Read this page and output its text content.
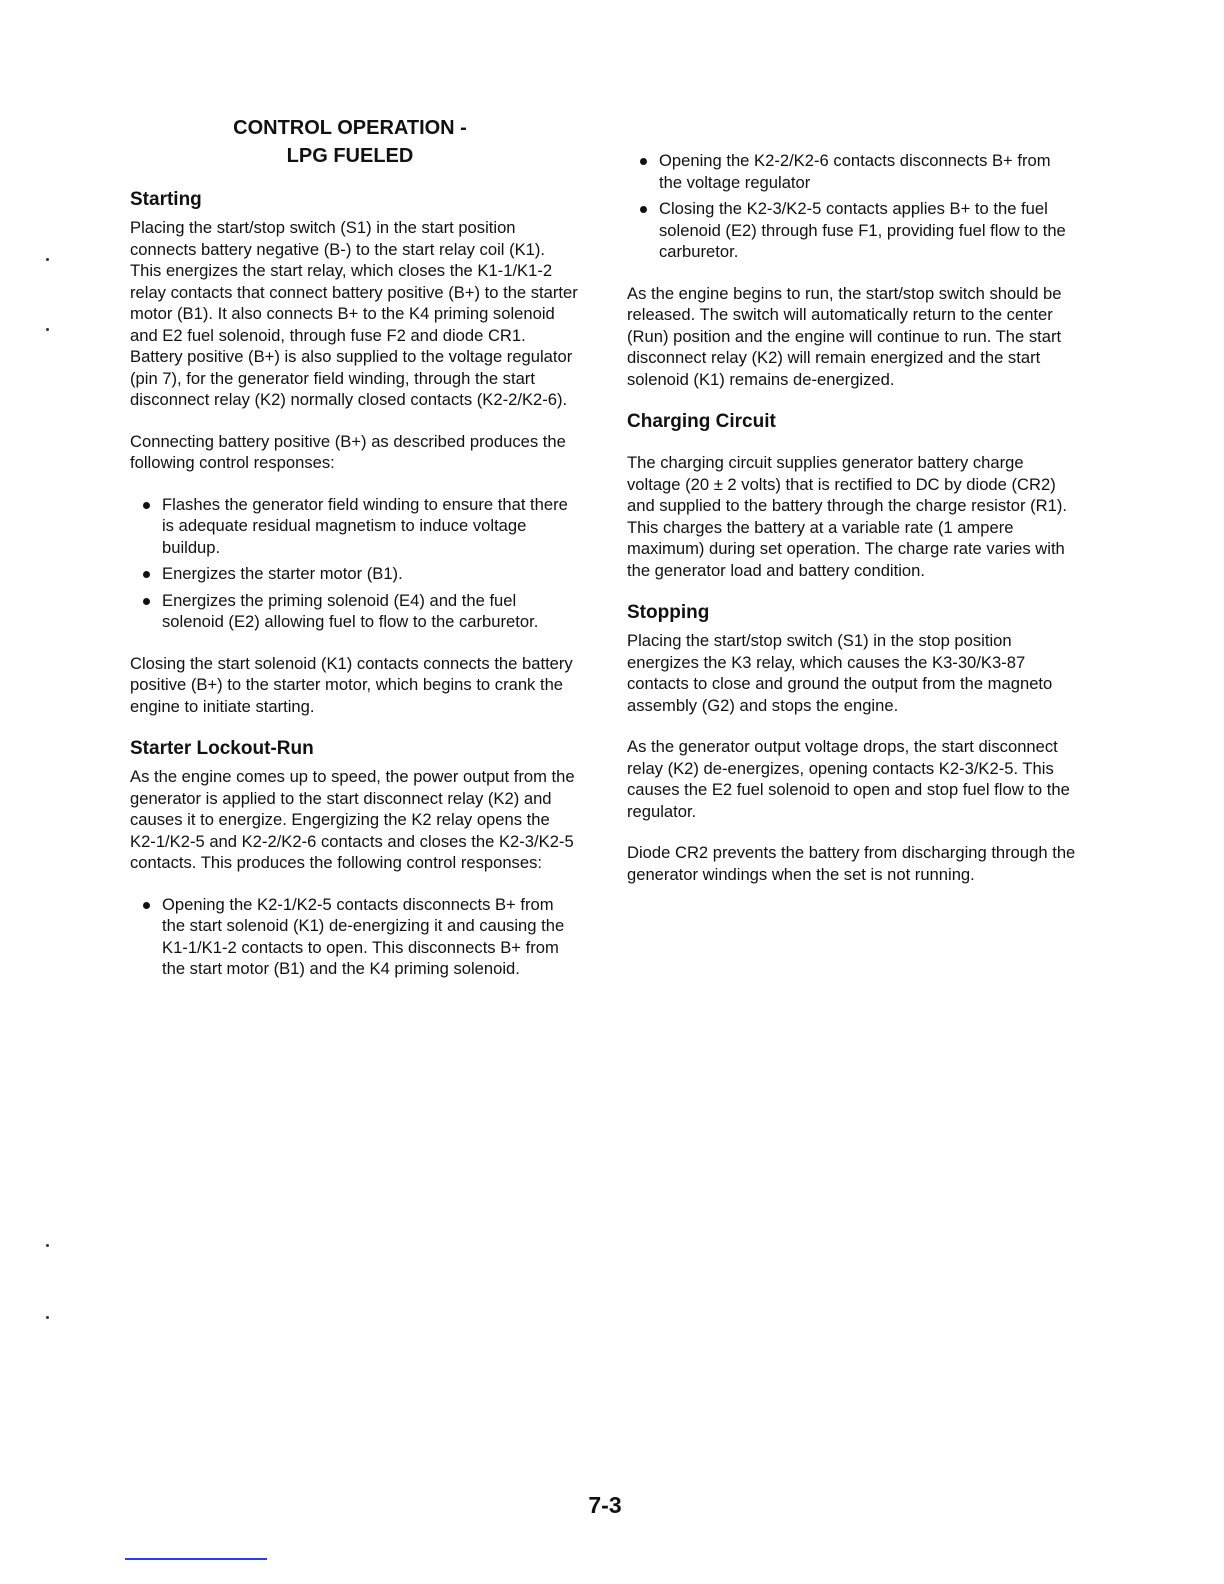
CONTROL OPERATION -
LPG FUELED
Starting

Placing the start/stop switch (S1) in the start position connects battery negative (B-) to the start relay coil (K1). This energizes the start relay, which closes the K1-1/K1-2 relay contacts that connect battery positive (B+) to the starter motor (B1). It also connects B+ to the K4 priming solenoid and E2 fuel solenoid, through fuse F2 and diode CR1. Battery positive (B+) is also supplied to the voltage regulator (pin 7), for the generator field winding, through the start disconnect relay (K2) normally closed contacts (K2-2/K2-6).

Connecting battery positive (B+) as described produces the following control responses:

Flashes the generator field winding to ensure that there is adequate residual magnetism to induce voltage buildup.
Energizes the starter motor (B1).
Energizes the priming solenoid (E4) and the fuel solenoid (E2) allowing fuel to flow to the carburetor.

Closing the start solenoid (K1) contacts connects the battery positive (B+) to the starter motor, which begins to crank the engine to initiate starting.

Starter Lockout-Run

As the engine comes up to speed, the power output from the generator is applied to the start disconnect relay (K2) and causes it to energize. Engergizing the K2 relay opens the K2-1/K2-5 and K2-2/K2-6 contacts and closes the K2-3/K2-5 contacts. This produces the following control responses:

Opening the K2-1/K2-5 contacts disconnects B+ from the start solenoid (K1) de-energizing it and causing the K1-1/K1-2 contacts to open. This disconnects B+ from the start motor (B1) and the K4 priming solenoid.
Opening the K2-2/K2-6 contacts disconnects B+ from the voltage regulator
Closing the K2-3/K2-5 contacts applies B+ to the fuel solenoid (E2) through fuse F1, providing fuel flow to the carburetor.

As the engine begins to run, the start/stop switch should be released. The switch will automatically return to the center (Run) position and the engine will continue to run. The start disconnect relay (K2) will remain energized and the start solenoid (K1) remains de-energized.

Charging Circuit

The charging circuit supplies generator battery charge voltage (20 ± 2 volts) that is rectified to DC by diode (CR2) and supplied to the battery through the charge resistor (R1). This charges the battery at a variable rate (1 ampere maximum) during set operation. The charge rate varies with the generator load and battery condition.

Stopping

Placing the start/stop switch (S1) in the stop position energizes the K3 relay, which causes the K3-30/K3-87 contacts to close and ground the output from the magneto assembly (G2) and stops the engine.

As the generator output voltage drops, the start disconnect relay (K2) de-energizes, opening contacts K2-3/K2-5. This causes the E2 fuel solenoid to open and stop fuel flow to the regulator.

Diode CR2 prevents the battery from discharging through the generator windings when the set is not running.

7-3
